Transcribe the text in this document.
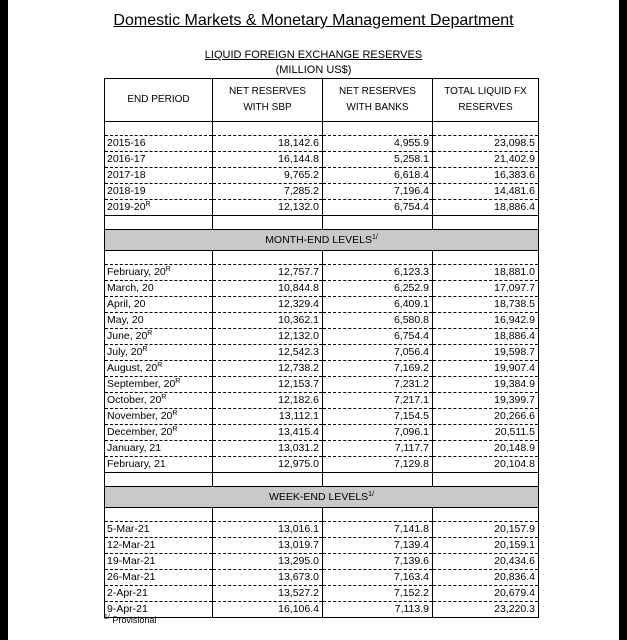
Domestic Markets & Monetary Management Department
LIQUID FOREIGN EXCHANGE RESERVES
(MILLION US$)
END PERIOD	NET RESERVES WITH SBP	NET RESERVES WITH BANKS	TOTAL LIQUID FX RESERVES

2015-16	18,142.6	4,955.9	23,098.5
2016-17	16,144.8	5,258.1	21,402.9
2017-18	9,765.2	6,618.4	16,383.6
2018-19	7,285.2	7,196.4	14,481.6
$2019-20^R$	12,132.0	6,754.4	18,886.4

MONTH-END $LEVELS^{1/}$

February, $20^R$	12,757.7	6,123.3	18,881.0
March, 20	10,844.8	6,252.9	17,097.7
April, 20	12,329.4	6,409.1	18,738.5
May, 20	10,362.1	6,580.8	16,942.9
June, $20^R$	12,132.0	6,754.4	18,886.4
July, $20^R$	12,542.3	7,056.4	19,598.7
August, $20^R$	12,738.2	7,169.2	19,907.4
September, $20^R$	12,153.7	7,231.2	19,384.9
October, $20^R$	12,182.6	7,217.1	19,399.7
November, $20^R$	13,112.1	7,154.5	20,266.6
December, $20^R$	13,415.4	7,096.1	20,511.5
January, 21	13,031.2	7,117.7	20,148.9
February, 21	12,975.0	7,129.8	20,104.8

WEEK-END $LEVELS^{1/}$

5-Mar-21	13,016.1	7,141.8	20,157.9
12-Mar-21	13,019.7	7,139.4	20,159.1
19-Mar-21	13,295.0	7,139.6	20,434.6
26-Mar-21	13,673.0	7,163.4	20,836.4
2-Apr-21	13,527.2	7,152.2	20,679.4
9-Apr-21	16,106.4	7,113.9	23,220.3
$^{1/}$ Provisional
